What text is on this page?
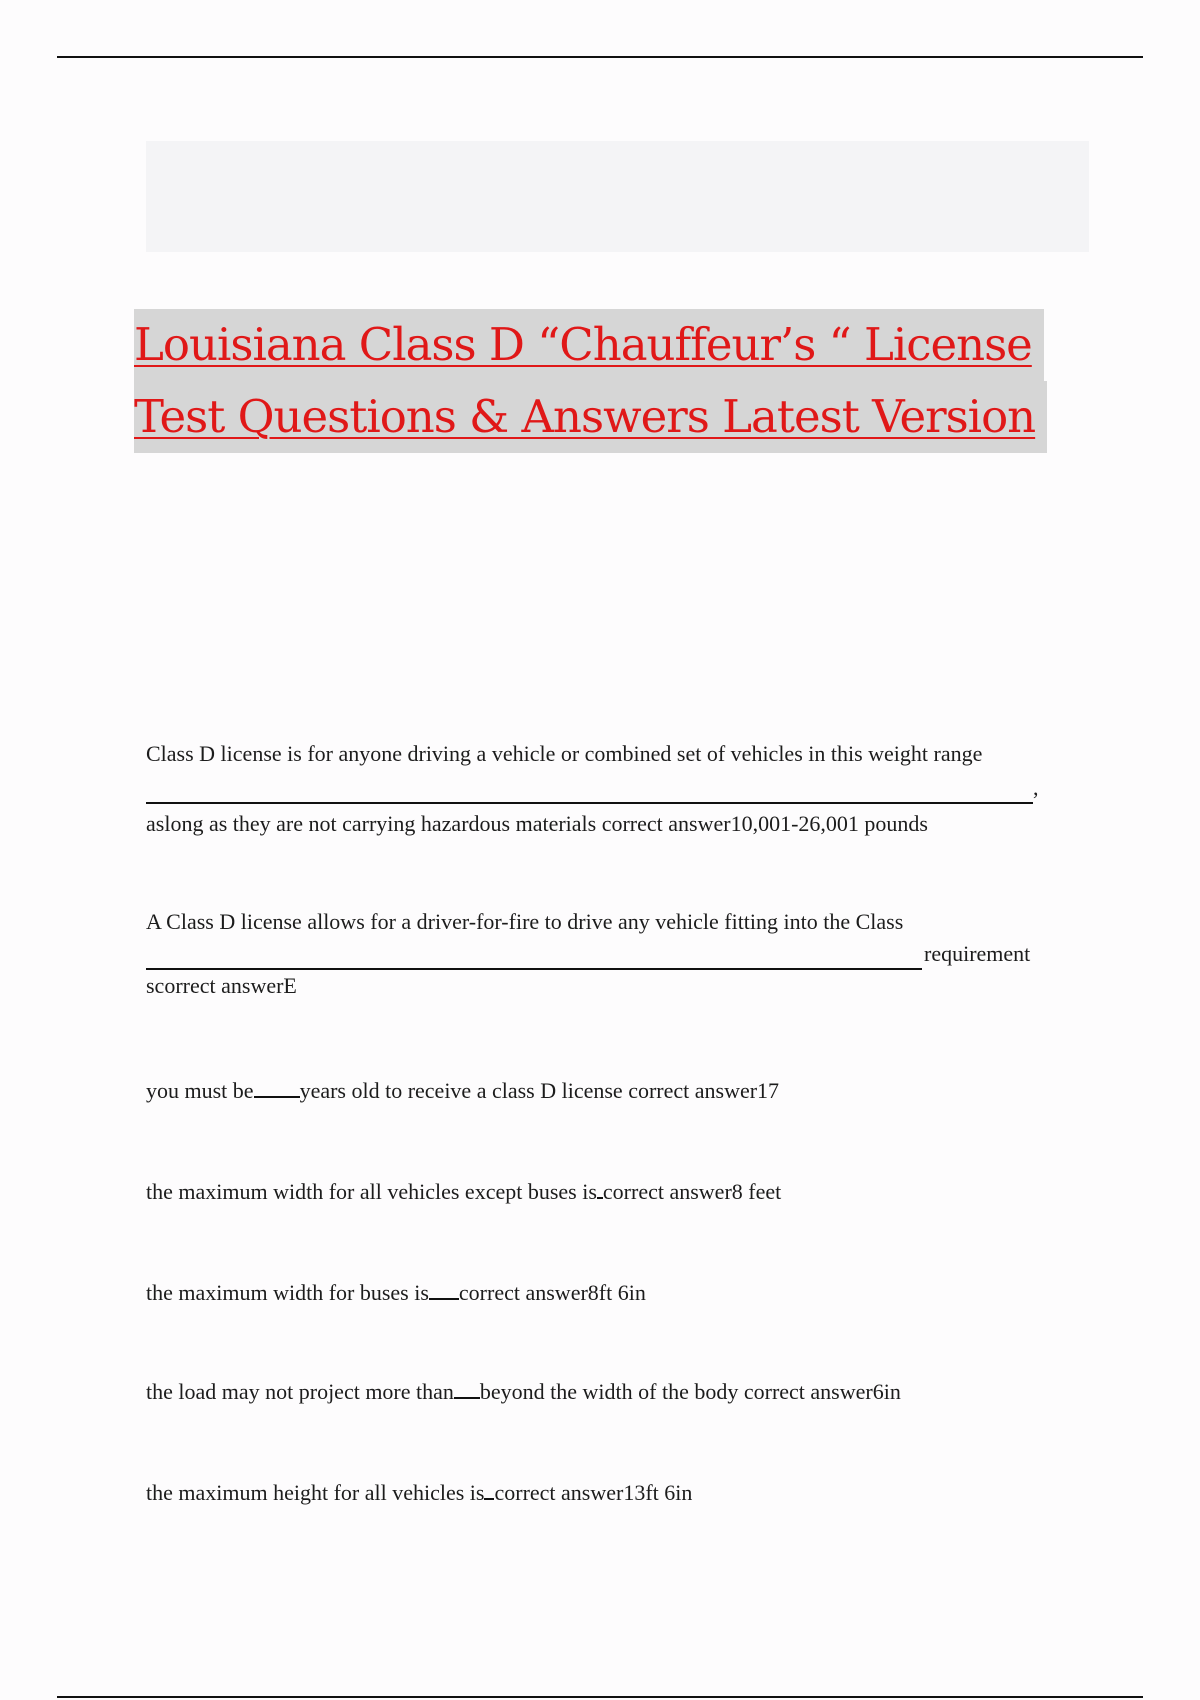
Louisiana Class D “Chauffeur’s “ License
Test Questions & Answers Latest Version
Class D license is for anyone driving a vehicle or combined set of vehicles in this weight range
,
aslong as they are not carrying hazardous materials correct answer10,001-26,001 pounds
A Class D license allows for a driver-for-fire to drive any vehicle fitting into the Class
requirement
scorrect answerE
you must be years old to receive a class D license correct answer17
the maximum width for all vehicles except buses is correct answer8 feet
the maximum width for buses is correct answer8ft 6in
the load may not project more than beyond the width of the body correct answer6in
the maximum height for all vehicles is correct answer13ft 6in
